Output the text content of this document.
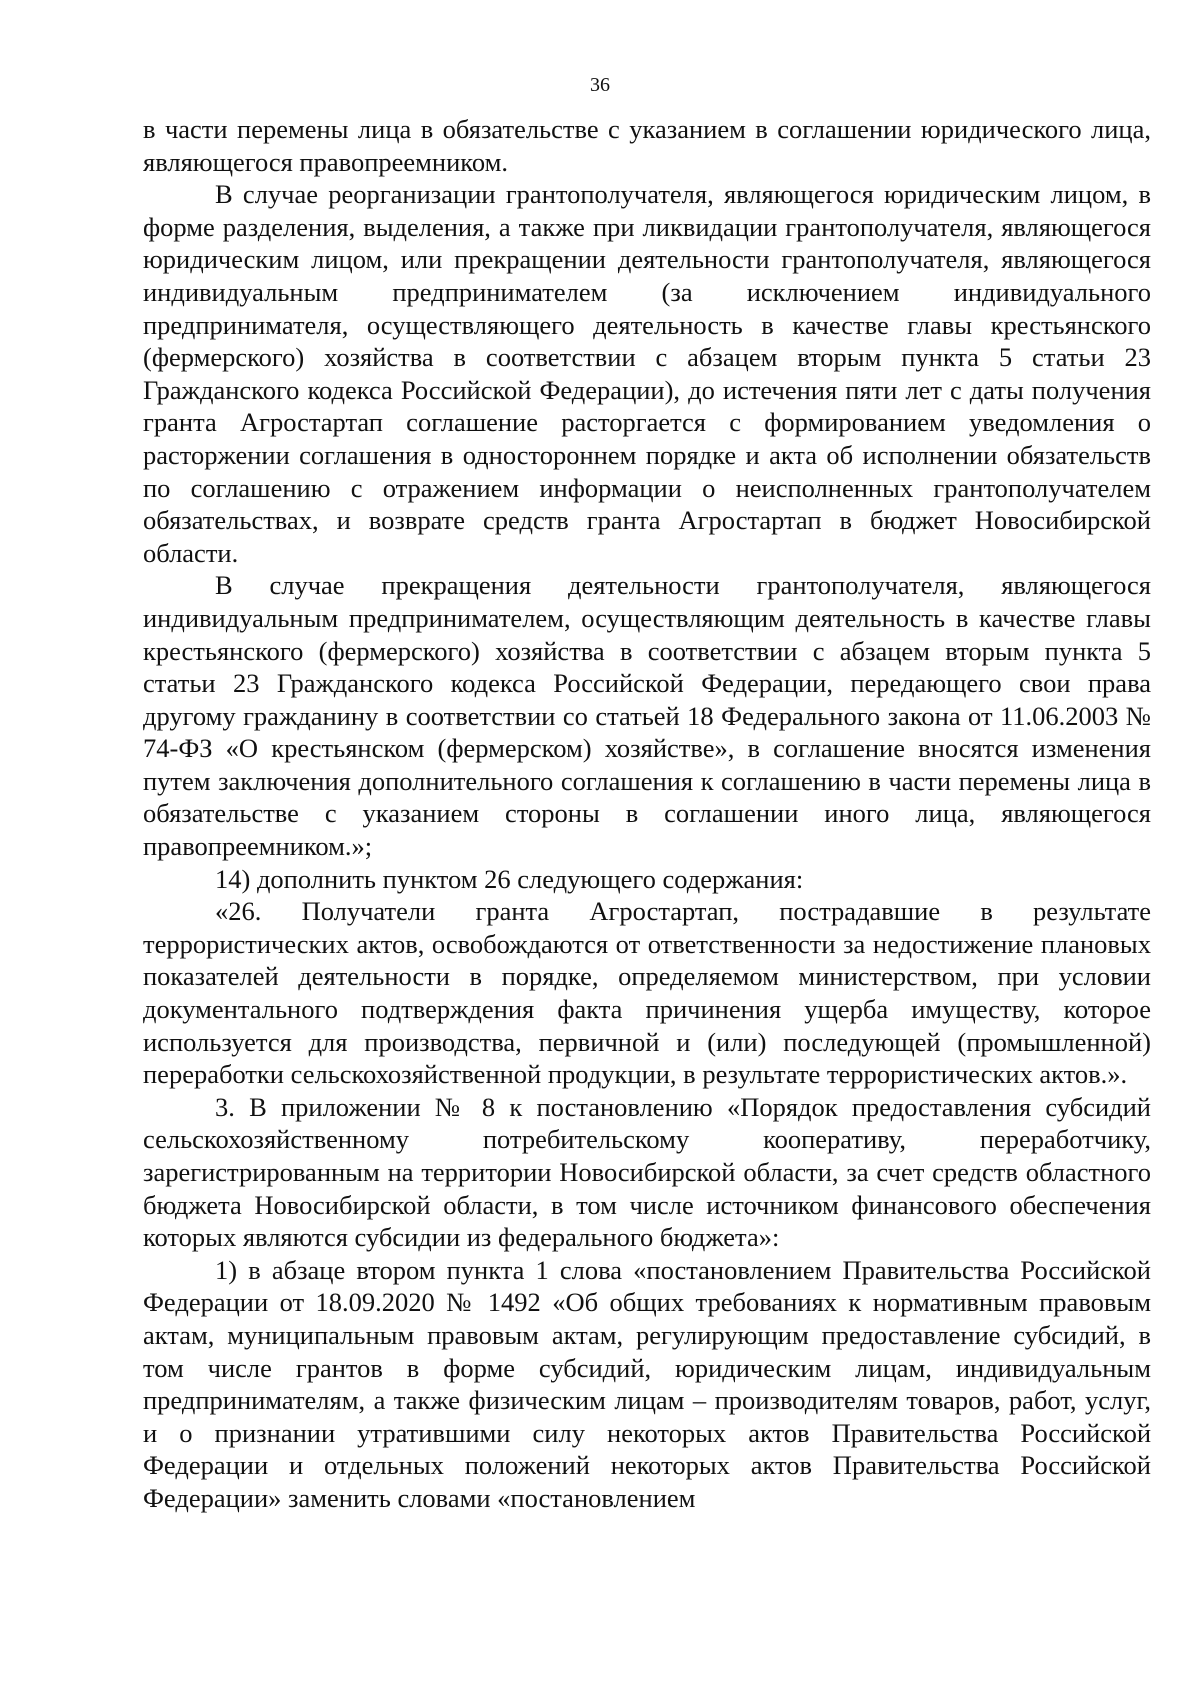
36

в части перемены лица в обязательстве с указанием в соглашении юридического лица, являющегося правопреемником.

В случае реорганизации грантополучателя, являющегося юридическим лицом, в форме разделения, выделения, а также при ликвидации грантополучателя, являющегося юридическим лицом, или прекращении деятельности грантополучателя, являющегося индивидуальным предпринимателем (за исключением индивидуального предпринимателя, осуществляющего деятельность в качестве главы крестьянского (фермерского) хозяйства в соответствии с абзацем вторым пункта 5 статьи 23 Гражданского кодекса Российской Федерации), до истечения пяти лет с даты получения гранта Агростартап соглашение расторгается с формированием уведомления о расторжении соглашения в одностороннем порядке и акта об исполнении обязательств по соглашению с отражением информации о неисполненных грантополучателем обязательствах, и возврате средств гранта Агростартап в бюджет Новосибирской области.

В случае прекращения деятельности грантополучателя, являющегося индивидуальным предпринимателем, осуществляющим деятельность в качестве главы крестьянского (фермерского) хозяйства в соответствии с абзацем вторым пункта 5 статьи 23 Гражданского кодекса Российской Федерации, передающего свои права другому гражданину в соответствии со статьей 18 Федерального закона от 11.06.2003 № 74-ФЗ «О крестьянском (фермерском) хозяйстве», в соглашение вносятся изменения путем заключения дополнительного соглашения к соглашению в части перемены лица в обязательстве с указанием стороны в соглашении иного лица, являющегося правопреемником.»;

14) дополнить пунктом 26 следующего содержания:

«26. Получатели гранта Агростартап, пострадавшие в результате террористических актов, освобождаются от ответственности за недостижение плановых показателей деятельности в порядке, определяемом министерством, при условии документального подтверждения факта причинения ущерба имуществу, которое используется для производства, первичной и (или) последующей (промышленной) переработки сельскохозяйственной продукции, в результате террористических актов.».

3. В приложении № 8 к постановлению «Порядок предоставления субсидий сельскохозяйственному потребительскому кооперативу, переработчику, зарегистрированным на территории Новосибирской области, за счет средств областного бюджета Новосибирской области, в том числе источником финансового обеспечения которых являются субсидии из федерального бюджета»:

1) в абзаце втором пункта 1 слова «постановлением Правительства Российской Федерации от 18.09.2020 № 1492 «Об общих требованиях к нормативным правовым актам, муниципальным правовым актам, регулирующим предоставление субсидий, в том числе грантов в форме субсидий, юридическим лицам, индивидуальным предпринимателям, а также физическим лицам – производителям товаров, работ, услуг, и о признании утратившими силу некоторых актов Правительства Российской Федерации и отдельных положений некоторых актов Правительства Российской Федерации» заменить словами «постановлением
